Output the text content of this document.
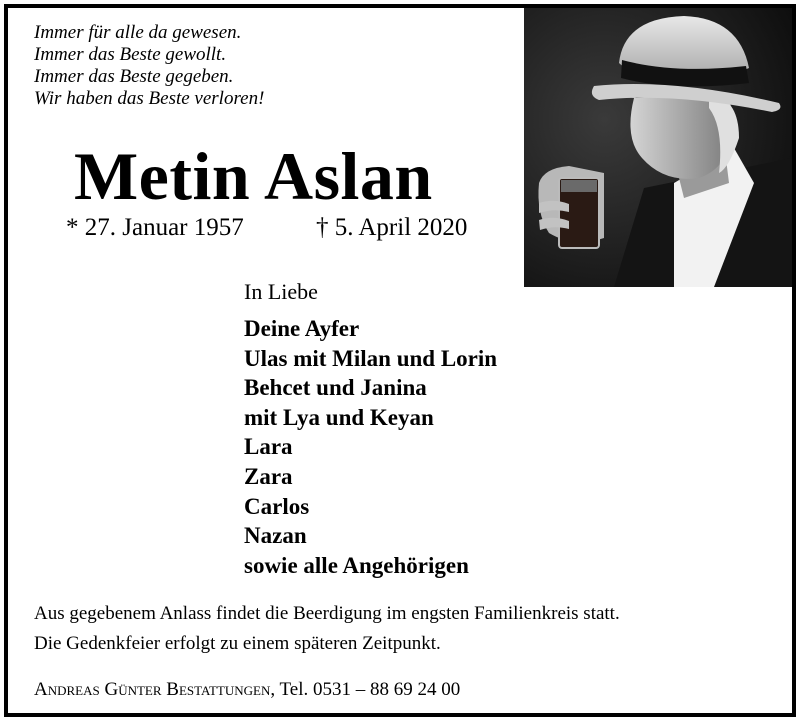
Immer für alle da gewesen.
Immer das Beste gewollt.
Immer das Beste gegeben.
Wir haben das Beste verloren!
Metin Aslan
* 27. Januar 1957	† 5. April 2020
In Liebe
Deine Ayfer
Ulas mit Milan und Lorin
Behcet und Janina
mit Lya und Keyan
Lara
Zara
Carlos
Nazan
sowie alle Angehörigen
Aus gegebenem Anlass findet die Beerdigung im engsten Familienkreis statt.
Die Gedenkfeier erfolgt zu einem späteren Zeitpunkt.
Andreas Günter Bestattungen, Tel. 0531 – 88 69 24 00
